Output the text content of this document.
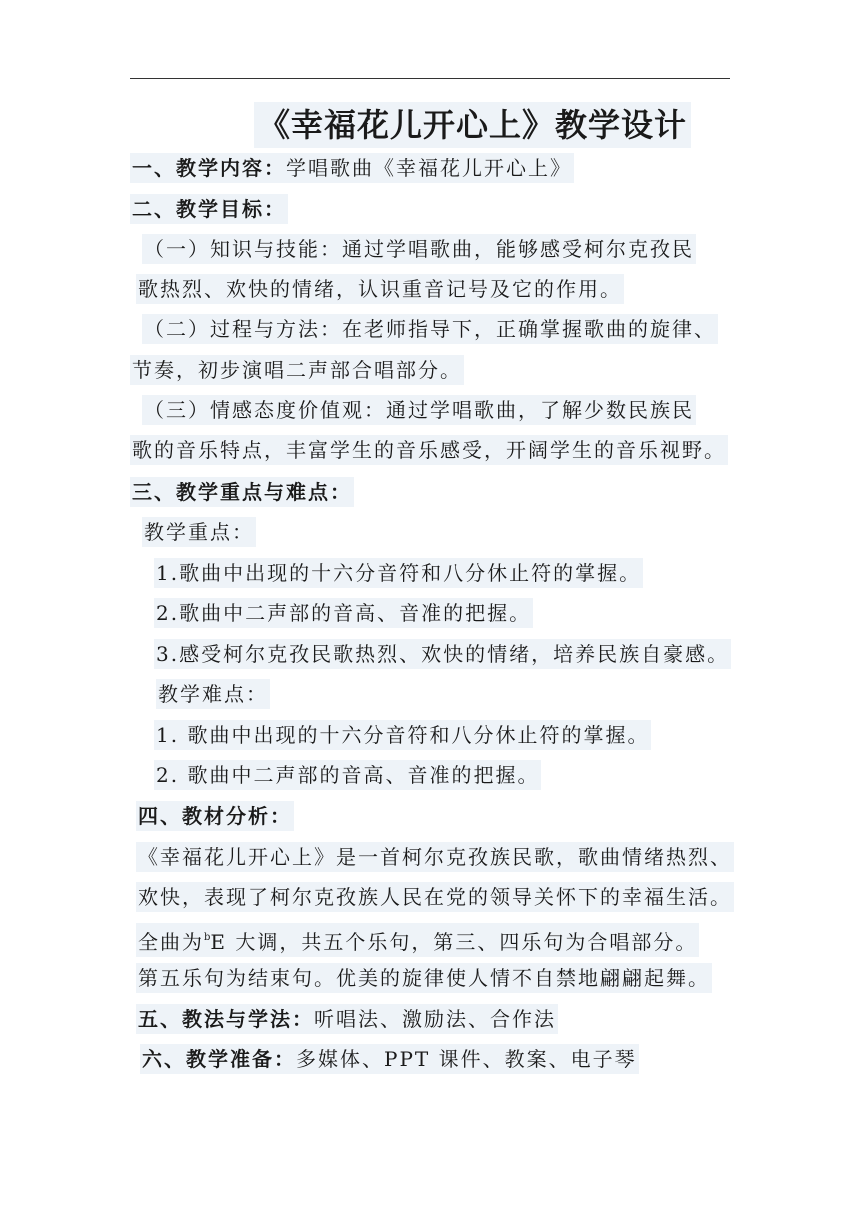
《幸福花儿开心上》教学设计
一、教学内容：学唱歌曲《幸福花儿开心上》
二、教学目标：
（一）知识与技能：通过学唱歌曲，能够感受柯尔克孜民
歌热烈、欢快的情绪，认识重音记号及它的作用。
（二）过程与方法：在老师指导下，正确掌握歌曲的旋律、
节奏，初步演唱二声部合唱部分。
（三）情感态度价值观：通过学唱歌曲，了解少数民族民
歌的音乐特点，丰富学生的音乐感受，开阔学生的音乐视野。
三、教学重点与难点：
教学重点：
1.歌曲中出现的十六分音符和八分休止符的掌握。
2.歌曲中二声部的音高、音准的把握。
3.感受柯尔克孜民歌热烈、欢快的情绪，培养民族自豪感。
教学难点：
1. 歌曲中出现的十六分音符和八分休止符的掌握。
2. 歌曲中二声部的音高、音准的把握。
四、教材分析：
《幸福花儿开心上》是一首柯尔克孜族民歌，歌曲情绪热烈、
欢快，表现了柯尔克孜族人民在党的领导关怀下的幸福生活。
全曲为$^b$E 大调，共五个乐句，第三、四乐句为合唱部分。
第五乐句为结束句。优美的旋律使人情不自禁地翩翩起舞。
五、教法与学法：听唱法、激励法、合作法
六、教学准备：多媒体、PPT 课件、教案、电子琴
